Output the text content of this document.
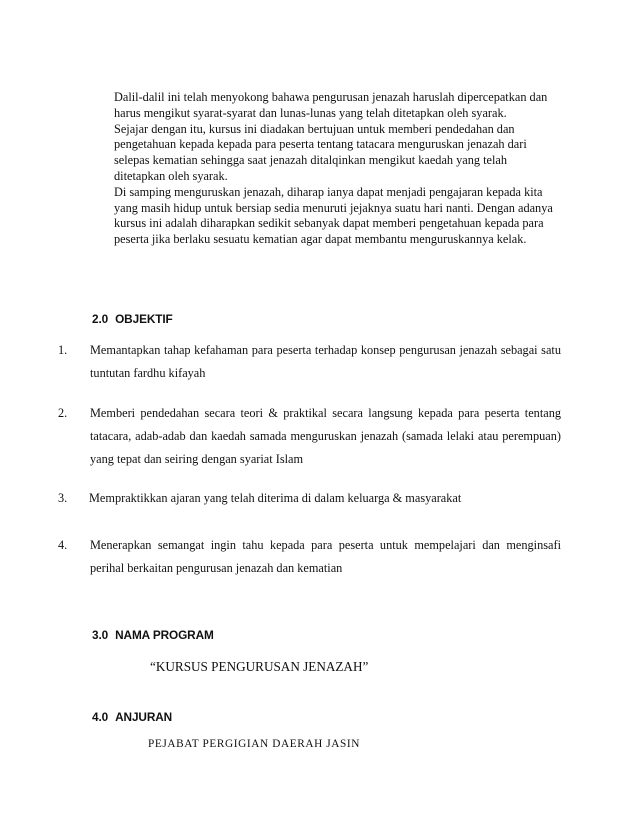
Dalil-dalil ini telah menyokong bahawa pengurusan jenazah haruslah dipercepatkan dan

harus mengikut syarat-syarat dan lunas-lunas yang telah ditetapkan oleh syarak.

Sejajar dengan itu, kursus ini diadakan bertujuan untuk memberi pendedahan dan

pengetahuan kepada kepada para peserta tentang tatacara menguruskan jenazah dari

selepas kematian sehingga saat jenazah ditalqinkan mengikut kaedah yang telah

ditetapkan oleh syarak.

Di samping menguruskan jenazah, diharap ianya dapat menjadi pengajaran kepada kita

yang masih hidup untuk bersiap sedia menuruti jejaknya suatu hari nanti. Dengan adanya

kursus ini adalah diharapkan sedikit sebanyak dapat memberi pengetahuan kepada para

peserta jika berlaku sesuatu kematian agar dapat membantu menguruskannya kelak.

2.0 OBJEKTIF
1. Memantapkan tahap kefahaman para peserta terhadap konsep pengurusan jenazah sebagai satu tuntutan fardhu kifayah
2. Memberi pendedahan secara teori & praktikal secara langsung kepada para peserta tentang tatacara, adab-adab dan kaedah samada menguruskan jenazah (samada lelaki atau perempuan) yang tepat dan seiring dengan syariat Islam
3. Mempraktikkan ajaran yang telah diterima di dalam keluarga & masyarakat
4. Menerapkan semangat ingin tahu kepada para peserta untuk mempelajari dan menginsafi perihal berkaitan pengurusan jenazah dan kematian
3.0 NAMA PROGRAM
“KURSUS PENGURUSAN JENAZAH”
4.0 ANJURAN
PEJABAT PERGIGIAN DAERAH JASIN
